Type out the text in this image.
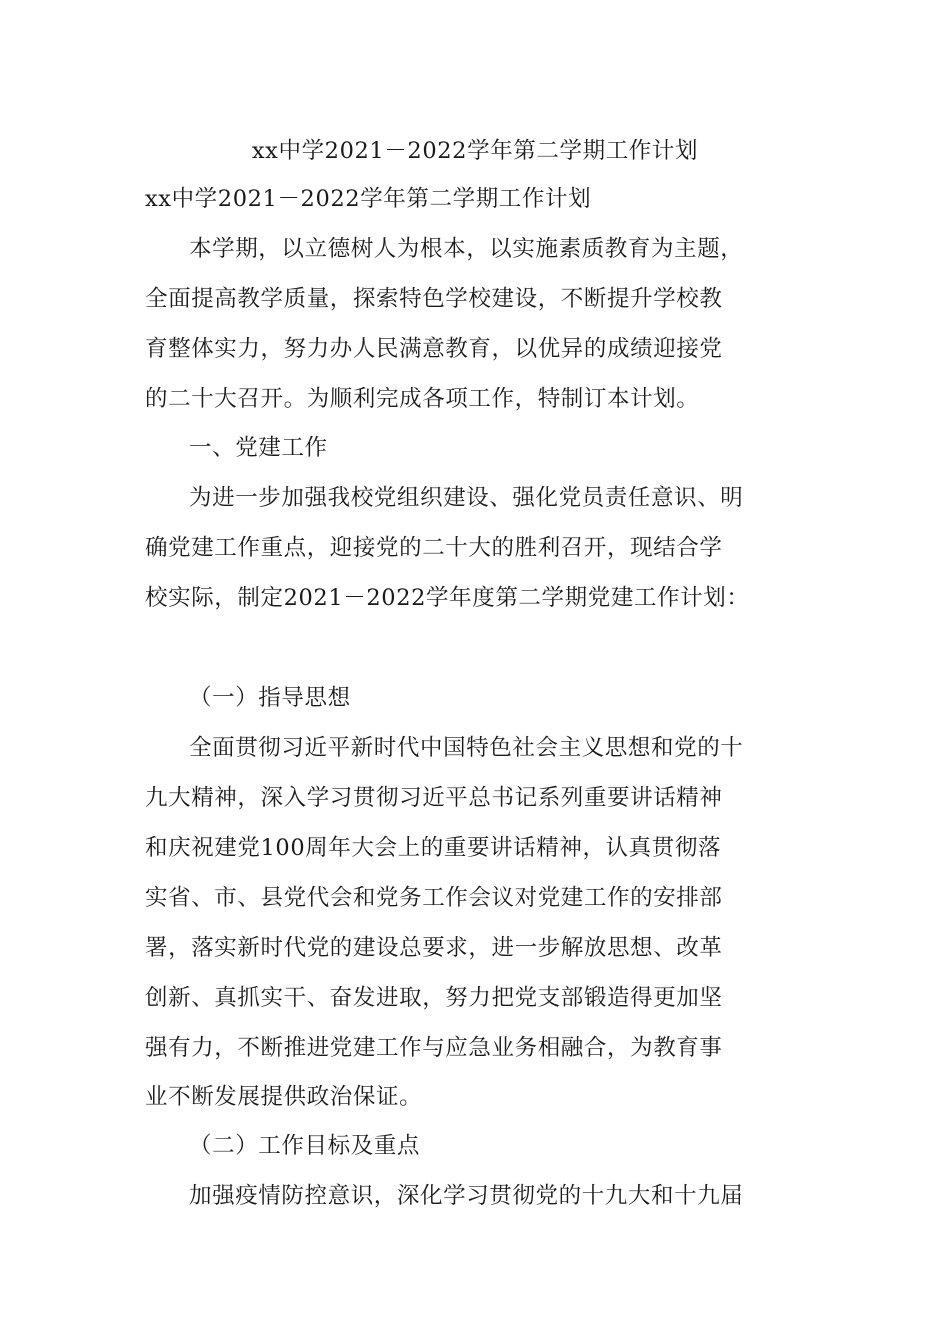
xx中学2021－2022学年第二学期工作计划
xx中学2021－2022学年第二学期工作计划
本学期，以立德树人为根本，以实施素质教育为主题，
全面提高教学质量，探索特色学校建设，不断提升学校教
育整体实力，努力办人民满意教育，以优异的成绩迎接党
的二十大召开。为顺利完成各项工作，特制订本计划。
一、党建工作
为进一步加强我校党组织建设、强化党员责任意识、明
确党建工作重点，迎接党的二十大的胜利召开，现结合学
校实际，制定2021－2022学年度第二学期党建工作计划：
（一）指导思想
全面贯彻习近平新时代中国特色社会主义思想和党的十
九大精神，深入学习贯彻习近平总书记系列重要讲话精神
和庆祝建党100周年大会上的重要讲话精神，认真贯彻落
实省、市、县党代会和党务工作会议对党建工作的安排部
署，落实新时代党的建设总要求，进一步解放思想、改革
创新、真抓实干、奋发进取，努力把党支部锻造得更加坚
强有力，不断推进党建工作与应急业务相融合，为教育事
业不断发展提供政治保证。
（二）工作目标及重点
加强疫情防控意识，深化学习贯彻党的十九大和十九届
